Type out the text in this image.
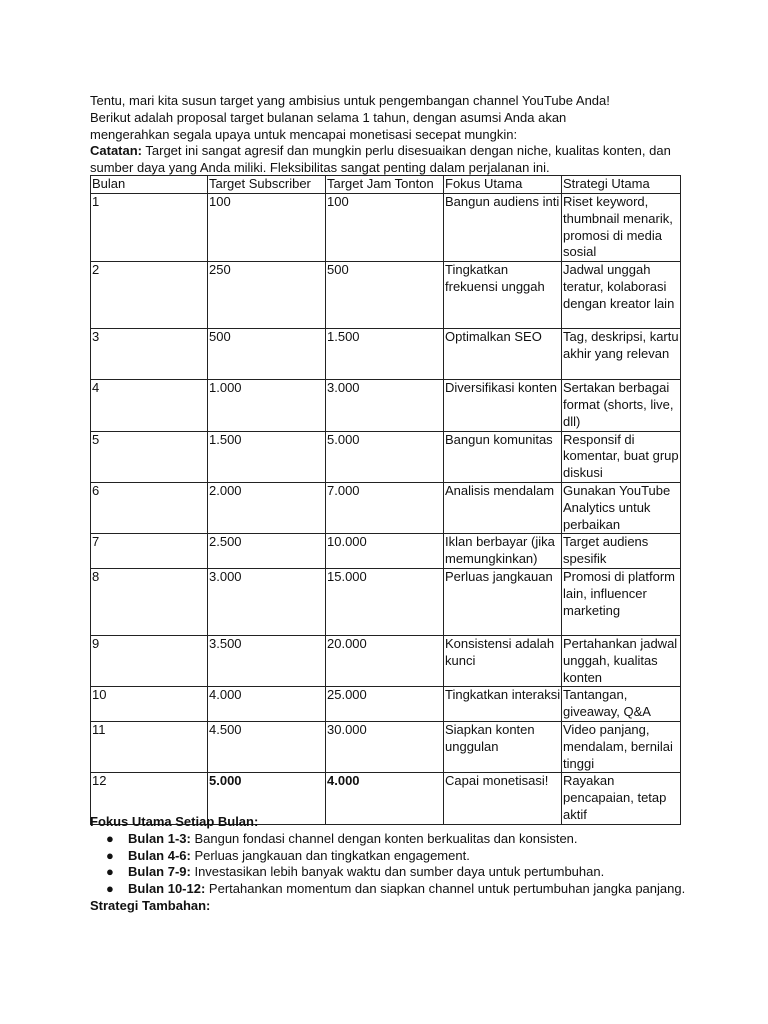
Tentu, mari kita susun target yang ambisius untuk pengembangan channel YouTube Anda!

Berikut adalah proposal target bulanan selama 1 tahun, dengan asumsi Anda akan

mengerahkan segala upaya untuk mencapai monetisasi secepat mungkin:

Catatan: Target ini sangat agresif dan mungkin perlu disesuaikan dengan niche, kualitas konten, dan sumber daya yang Anda miliki. Fleksibilitas sangat penting dalam perjalanan ini.

Bulan	Target Subscriber	Target Jam Tonton	Fokus Utama	Strategi Utama
1	100	100	Bangun audiens inti	Riset keyword, thumbnail menarik, promosi di media sosial
2	250	500	Tingkatkan frekuensi unggah	Jadwal unggah teratur, kolaborasi dengan kreator lain
3	500	1.500	Optimalkan SEO	Tag, deskripsi, kartu akhir yang relevan
4	1.000	3.000	Diversifikasi konten	Sertakan berbagai format (shorts, live, dll)
5	1.500	5.000	Bangun komunitas	Responsif di komentar, buat grup diskusi
6	2.000	7.000	Analisis mendalam	Gunakan YouTube Analytics untuk perbaikan
7	2.500	10.000	Iklan berbayar (jika memungkinkan)	Target audiens spesifik
8	3.000	15.000	Perluas jangkauan	Promosi di platform lain, influencer marketing
9	3.500	20.000	Konsistensi adalah kunci	Pertahankan jadwal unggah, kualitas konten
10	4.000	25.000	Tingkatkan interaksi	Tantangan, giveaway, Q&A
11	4.500	30.000	Siapkan konten unggulan	Video panjang, mendalam, bernilai tinggi
12	5.000	4.000	Capai monetisasi!	Rayakan pencapaian, tetap aktif

Fokus Utama Setiap Bulan:

● Bulan 1-3: Bangun fondasi channel dengan konten berkualitas dan konsisten.
● Bulan 4-6: Perluas jangkauan dan tingkatkan engagement.
● Bulan 7-9: Investasikan lebih banyak waktu dan sumber daya untuk pertumbuhan.
● Bulan 10-12: Pertahankan momentum dan siapkan channel untuk pertumbuhan jangka panjang.

Strategi Tambahan:
